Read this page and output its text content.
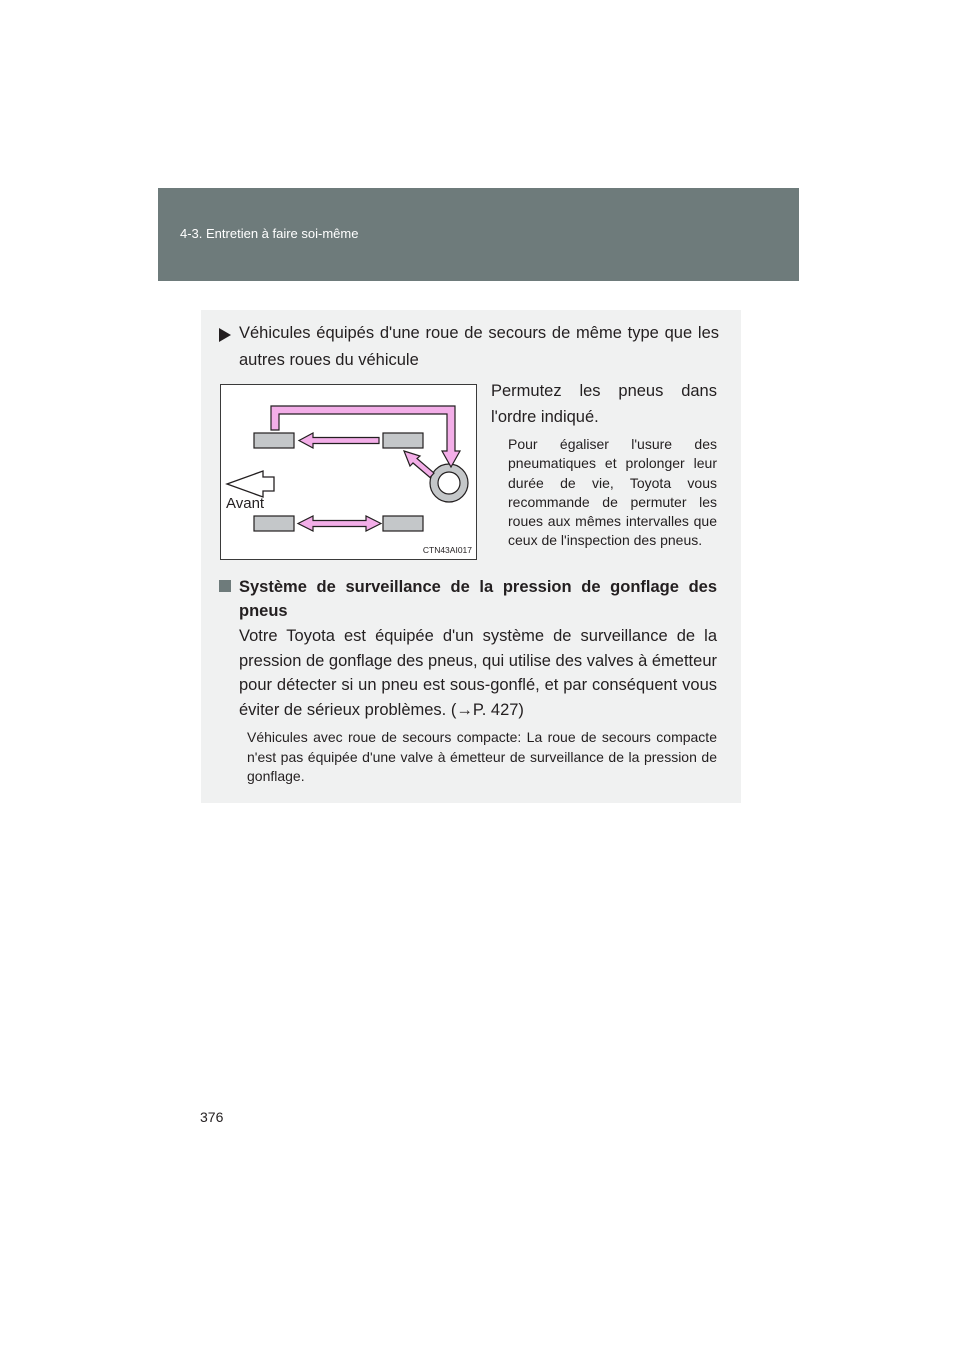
4-3. Entretien à faire soi-même
Véhicules équipés d'une roue de secours de même type que les autres roues du véhicule
Avant
CTN43AI017
Permutez les pneus dans
l'ordre indiqué.
Pour égaliser l'usure des pneumatiques et prolonger leur durée de vie, Toyota vous recommande de permuter les roues aux mêmes intervalles que ceux de l'inspection des pneus.
Système de surveillance de la pression de gonflage des pneus
Votre Toyota est équipée d'un système de surveillance de la pression de gonflage des pneus, qui utilise des valves à émetteur pour détecter si un pneu est sous-gonflé, et par conséquent vous éviter de sérieux problèmes. (→P. 427)
Véhicules avec roue de secours compacte: La roue de secours compacte n'est pas équipée d'une valve à émetteur de surveillance de la pression de gonflage.
376
